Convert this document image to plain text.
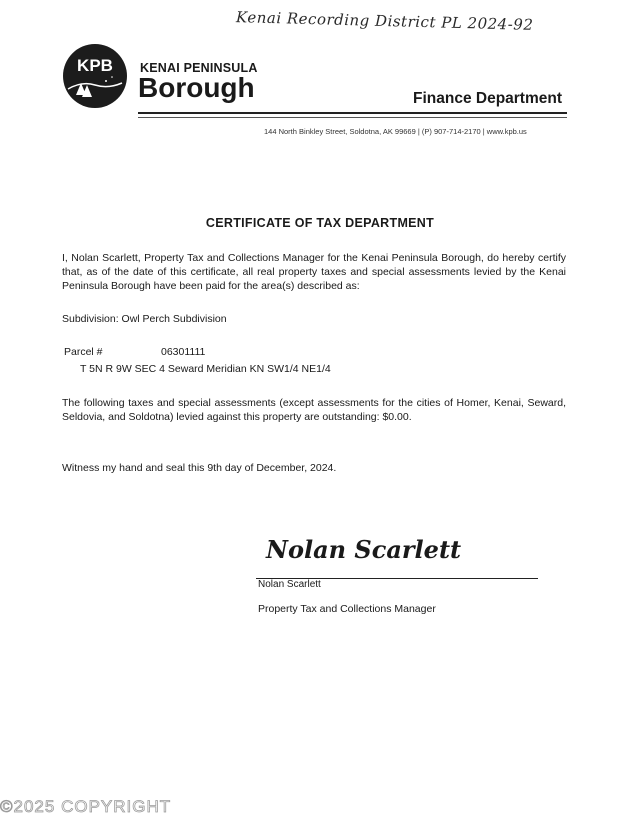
Kenai Recording District PL 2024-92
KPB KENAI PENINSULA
Borough	Finance Department
144 North Binkley Street, Soldotna, AK 99669 | (P) 907-714-2170 | www.kpb.us
CERTIFICATE OF TAX DEPARTMENT
I, Nolan Scarlett, Property Tax and Collections Manager for the Kenai Peninsula Borough, do hereby certify that, as of the date of this certificate, all real property taxes and special assessments levied by the Kenai Peninsula Borough have been paid for the area(s) described as:
Subdivision: Owl Perch Subdivision
Parcel #	06301111
T 5N R 9W SEC 4 Seward Meridian KN SW1/4 NE1/4
The following taxes and special assessments (except assessments for the cities of Homer, Kenai, Seward, Seldovia, and Soldotna) levied against this property are outstanding: $0.00.
Witness my hand and seal this 9th day of December, 2024.
Nolan Scarlett
Nolan Scarlett
Property Tax and Collections Manager
©2025 COPYRIGHT
